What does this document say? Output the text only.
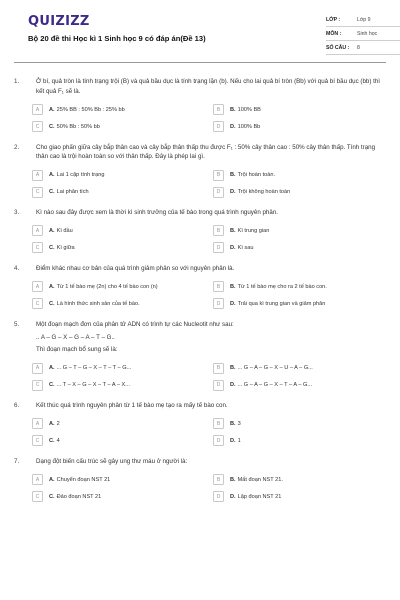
QUIZIZZ
Bộ 20 đề thi Học kì 1 Sinh học 9 có đáp án(Đề 13)
LỚP :	Lớp 9
MÔN :	Sinh học
SỐ CÂU :	8
1.	Ở bí, quả tròn là tính trạng trội (B) và quả bầu dục là tính trạng lặn (b). Nếu cho lai quả bí tròn (Bb) với quả bí bầu dục (bb) thì kết quả F₁ sẽ là.
A	A. 25% BB : 50% Bb : 25% bb	B	B. 100% BB
C	C. 50% Bb : 50% bb	D	D. 100% Bb
2.	Cho giao phấn giữa cây bắp thân cao và cây bắp thân thấp thu được F₁ : 50% cây thân cao : 50% cây thân thấp. Tính trạng thân cao là trội hoàn toàn so với thân thấp. Đây là phép lai gì.
A	A. Lai 1 cặp tính trạng	B	B. Trội hoàn toàn.
C	C. Lai phân tích	D	D. Trội không hoàn toàn
3.	Kì nào sau đây được xem là thời kì sinh trưởng của tế bào trong quá trình nguyên phân.
A	A. Kì đầu	B	B. Kì trung gian
C	C. Kì giữa	D	D. Kì sau
4.	Điểm khác nhau cơ bản của quá trình giảm phân so với nguyên phân là.
A	A. Từ 1 tế bào mẹ (2n) cho 4 tế bào con (n)	B	B. Từ 1 tế bào mẹ cho ra 2 tế bào con.
C	C. Là hình thức sinh sản của tế bào.	D	D. Trải qua kì trung gian và giảm phân
5.	Một đoạn mạch đơn của phân tử ADN có trình tự các Nucleotit như sau:
.. A – G – X – G – A – T – G..
Thì đoạn mạch bổ sung sẽ là:
A	A. ... G – T – G – X – T – T – G...	B	B. ... G – A – G – X – U – A – G...
C	C. ... T – X – G – X – T – A – X...	D	D. ... G – A – G – X – T – A – G...
6.	Kết thúc quá trình nguyên phân từ 1 tế bào mẹ tạo ra mấy tế bào con.
A	A. 2	B	B. 3
C	C. 4	D	D. 1
7.	Dạng đột biến cấu trúc sẽ gây ung thư máu ở người là:
A	A. Chuyển đoạn NST 21	B	B. Mất đoạn NST 21.
C	C. Đảo đoạn NST 21	D	D. Lặp đoạn NST 21
